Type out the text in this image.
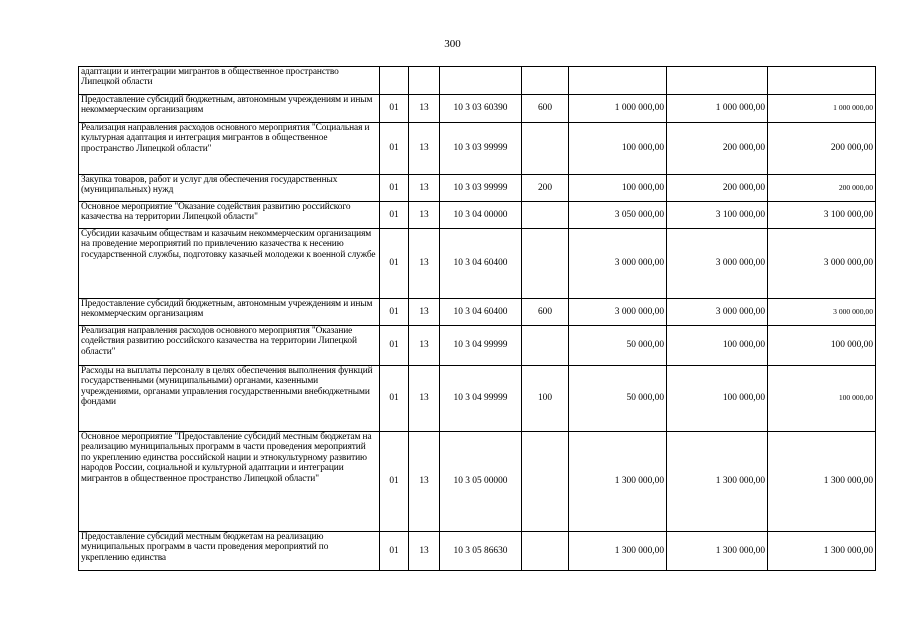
300
адаптации и интеграции мигрантов в общественное пространство Липецкой области							
Предоставление субсидий бюджетным, автономным учреждениям и иным некоммерческим организациям	01	13	10 3 03 60390	600	1 000 000,00	1 000 000,00	1 000 000,00
Реализация направления расходов основного мероприятия "Социальная и культурная адаптация и интеграция мигрантов в общественное пространство Липецкой области"	01	13	10 3 03 99999		100 000,00	200 000,00	200 000,00
Закупка товаров, работ и услуг для обеспечения государственных (муниципальных) нужд	01	13	10 3 03 99999	200	100 000,00	200 000,00	200 000,00
Основное мероприятие "Оказание содействия развитию российского казачества на территории Липецкой области"	01	13	10 3 04 00000		3 050 000,00	3 100 000,00	3 100 000,00
Субсидии казачьим обществам и казачьим некоммерческим организациям на проведение мероприятий по привлечению казачества к несению государственной службы, подготовку казачьей молодежи к военной службе	01	13	10 3 04 60400		3 000 000,00	3 000 000,00	3 000 000,00
Предоставление субсидий бюджетным, автономным учреждениям и иным некоммерческим организациям	01	13	10 3 04 60400	600	3 000 000,00	3 000 000,00	3 000 000,00
Реализация направления расходов основного мероприятия "Оказание содействия развитию российского казачества на территории Липецкой области"	01	13	10 3 04 99999		50 000,00	100 000,00	100 000,00
Расходы на выплаты персоналу в целях обеспечения выполнения функций государственными (муниципальными) органами, казенными учреждениями, органами управления государственными внебюджетными фондами	01	13	10 3 04 99999	100	50 000,00	100 000,00	100 000,00
Основное мероприятие "Предоставление субсидий местным бюджетам на реализацию муниципальных программ в части проведения мероприятий по укреплению единства российской нации и этнокультурному развитию народов России, социальной и культурной адаптации и интеграции мигрантов в общественное пространство Липецкой области"	01	13	10 3 05 00000		1 300 000,00	1 300 000,00	1 300 000,00
Предоставление субсидий местным бюджетам на реализацию муниципальных программ в части проведения мероприятий по укреплению единства	01	13	10 3 05 86630		1 300 000,00	1 300 000,00	1 300 000,00
